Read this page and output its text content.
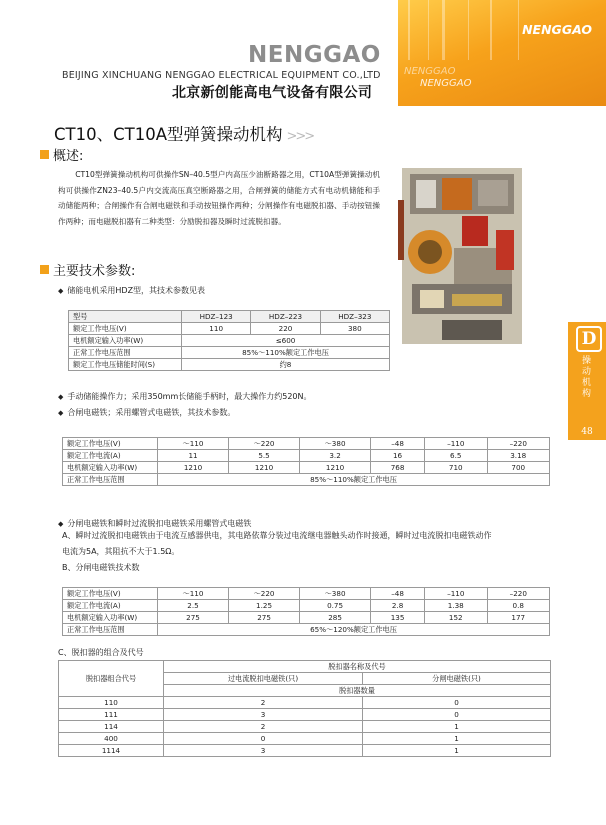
NENGGAO
NENGGAO
NENGGAO
NENGGAO
BEIJING XINCHUANG NENGGAO ELECTRICAL EQUIPMENT CO.,LTD
北京新创能高电气设备有限公司
CT10、CT10A型弹簧操动机构 >>>
概述:
CT10型弹簧操动机构可供操作SN–40.5型户内高压少油断路器之用，CT10A型弹簧操动机构可供操作ZN23–40.5户内交流高压真空断路器之用，合闸弹簧的储能方式有电动机储能和手动储能两种；合闸操作有合闸电磁铁和手动按钮操作两种；分闸操作有电磁脱扣器、手动按钮操作两种；而电磁脱扣器有二种类型：分励脱扣器及瞬时过流脱扣器。
主要技术参数:
◆ 储能电机采用HDZ型，其技术参数见表
型号	HDZ–123	HDZ–223	HDZ–323
额定工作电压(V)	110	220	380
电机额定输入功率(W)	≤600		
正常工作电压范围	85%～110%额定工作电压		
额定工作电压储能时间(S)	约8		
◆ 手动储能操作力；采用350mm长储能手柄时，最大操作力约520N。
◆ 合闸电磁铁；采用螺管式电磁铁，其技术参数。
额定工作电压(V)	～110	～220	～380	–48	–110	–220
额定工作电流(A)	11	5.5	3.2	16	6.5	3.18
电机额定输入功率(W)	1210	1210	1210	768	710	700
正常工作电压范围	85%～110%额定工作电压					
◆ 分闸电磁铁和瞬时过流脱扣电磁铁采用螺管式电磁铁
A、瞬时过流脱扣电磁铁由于电流互感器供电，其电路依靠分装过电流继电器触头动作时接通，瞬时过电流脱扣电磁铁动作
电流为5A，其阻抗不大于1.5Ω。
B、分闸电磁铁技术数
额定工作电压(V)	～110	～220	～380	–48	–110	–220
额定工作电流(A)	2.5	1.25	0.75	2.8	1.38	0.8
电机额定输入功率(W)	275	275	285	135	152	177
正常工作电压范围	65%～120%额定工作电压					
C、脱扣器的组合及代号
脱扣器组合代号	脱扣器名称及代号	
	过电流脱扣电磁铁(只)	分闸电磁铁(只)
	脱扣器数量	
110	2	0
111	3	0
114	2	1
400	0	1
1114	3	1
D
操动机构
48
